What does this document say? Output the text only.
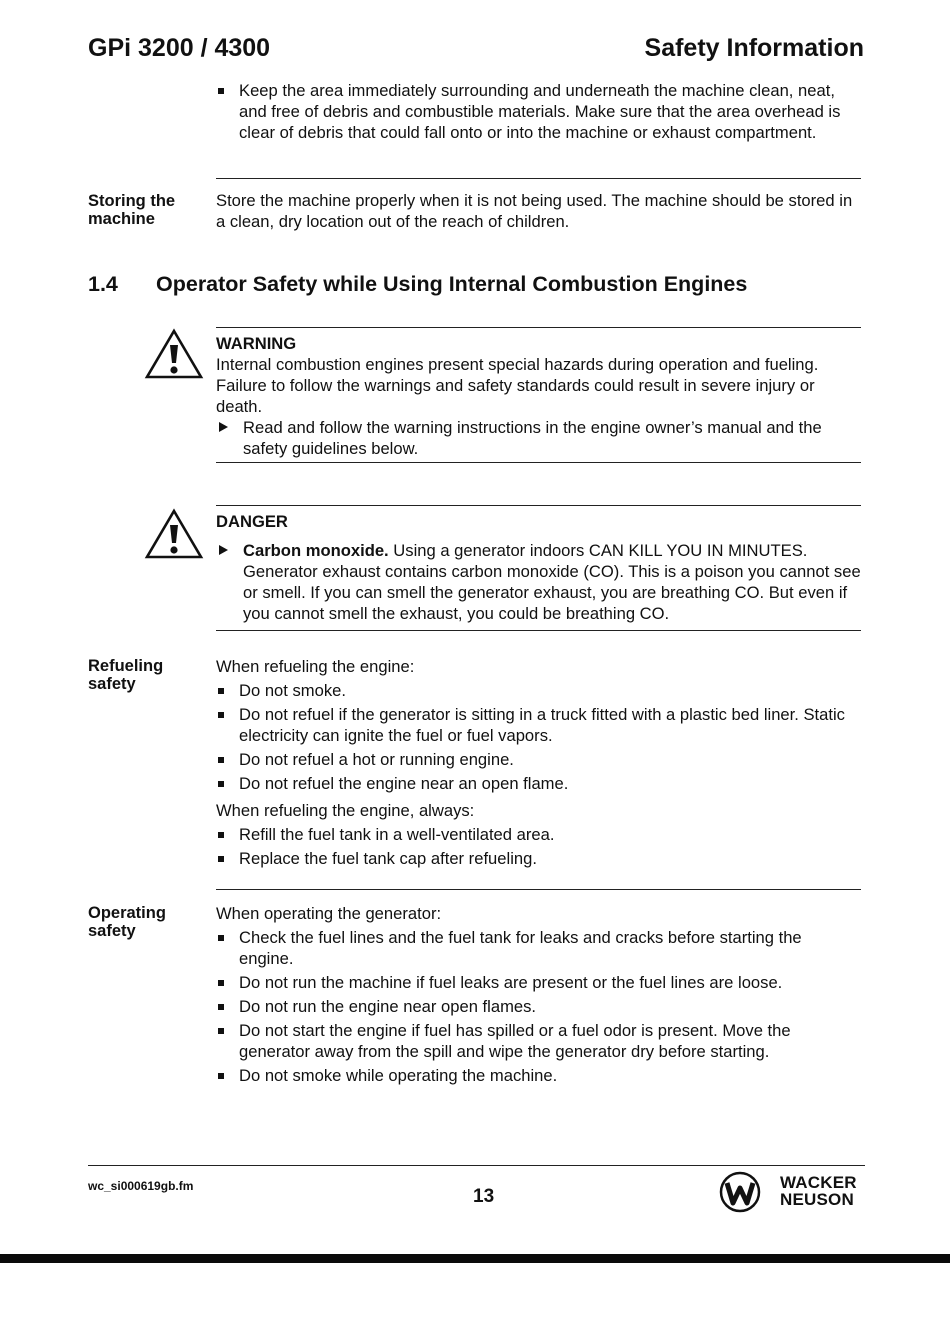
GPi 3200 / 4300	Safety Information
Keep the area immediately surrounding and underneath the machine clean, neat, and free of debris and combustible materials. Make sure that the area overhead is clear of debris that could fall onto or into the machine or exhaust compartment.
Storing the
machine
Store the machine properly when it is not being used. The machine should be stored in a clean, dry location out of the reach of children.
1.4 Operator Safety while Using Internal Combustion Engines
WARNING
Internal combustion engines present special hazards during operation and fueling. Failure to follow the warnings and safety standards could result in severe injury or death.
Read and follow the warning instructions in the engine owner’s manual and the safety guidelines below.
DANGER
Carbon monoxide. Using a generator indoors CAN KILL YOU IN MINUTES. Generator exhaust contains carbon monoxide (CO). This is a poison you cannot see or smell. If you can smell the generator exhaust, you are breathing CO. But even if you cannot smell the exhaust, you could be breathing CO.
Refueling
safety
When refueling the engine:
Do not smoke.
Do not refuel if the generator is sitting in a truck fitted with a plastic bed liner. Static electricity can ignite the fuel or fuel vapors.
Do not refuel a hot or running engine.
Do not refuel the engine near an open flame.
When refueling the engine, always:
Refill the fuel tank in a well-ventilated area.
Replace the fuel tank cap after refueling.
Operating
safety
When operating the generator:
Check the fuel lines and the fuel tank for leaks and cracks before starting the engine.
Do not run the machine if fuel leaks are present or the fuel lines are loose.
Do not run the engine near open flames.
Do not start the engine if fuel has spilled or a fuel odor is present. Move the generator away from the spill and wipe the generator dry before starting.
Do not smoke while operating the machine.
wc_si000619gb.fm	13
WACKER
NEUSON
